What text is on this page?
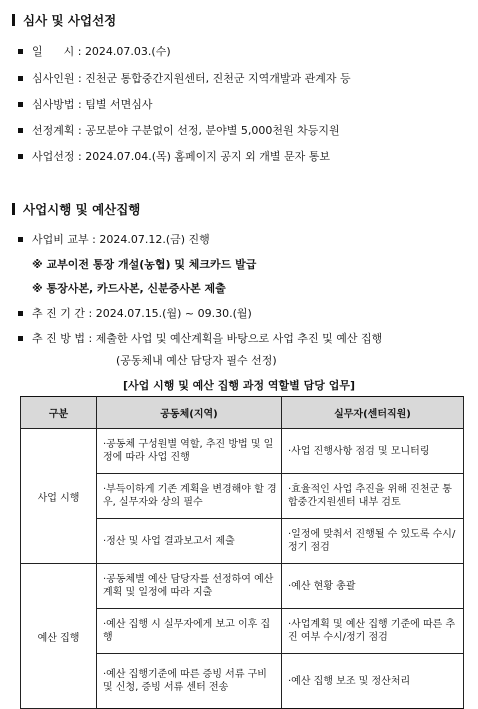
심사 및 사업선정
일      시 : 2024.07.03.(수)
심사인원 : 진천군 통합중간지원센터, 진천군 지역개발과 관계자 등
심사방법 : 팀별 서면심사
선정계획 : 공모분야 구분없이 선정, 분야별 5,000천원 차등지원
사업선정 : 2024.07.04.(목) 홈페이지 공지 외 개별 문자 통보
사업시행 및 예산집행
사업비 교부 : 2024.07.12.(금) 진행
※ 교부이전 통장 개설(농협) 및 체크카드 발급
※ 통장사본, 카드사본, 신분증사본 제출
추 진 기 간 : 2024.07.15.(월) ~ 09.30.(월)
추 진 방 법 : 제출한 사업 및 예산계획을 바탕으로 사업 추진 및 예산 집행
(공동체내 예산 담당자 필수 선정)
[사업 시행 및 예산 집행 과정 역할별 담당 업무]
구분	공동체(지역)	실무자(센터직원)
사업 시행	·공동체 구성원별 역할, 추진 방법 및 일정에 따라 사업 진행	·사업 진행사항 점검 및 모니터링
	·부득이하게 기존 계획을 변경해야 할 경우, 실무자와 상의 필수	·효율적인 사업 추진을 위해 진천군 통합중간지원센터 내부 검토
	·정산 및 사업 결과보고서 제출	·일정에 맞춰서 진행될 수 있도록 수시/정기 점검
예산 집행	·공동체별 예산 담당자를 선정하여 예산계획 및 일정에 따라 지출	·예산 현황 총괄
	·예산 집행 시 실무자에게 보고 이후 집행	·사업계획 및 예산 집행 기준에 따른 추진 여부 수시/정기 점검
	·예산 집행기준에 따른 증빙 서류 구비 및 신청, 증빙 서류 센터 전송	·예산 집행 보조 및 정산처리
